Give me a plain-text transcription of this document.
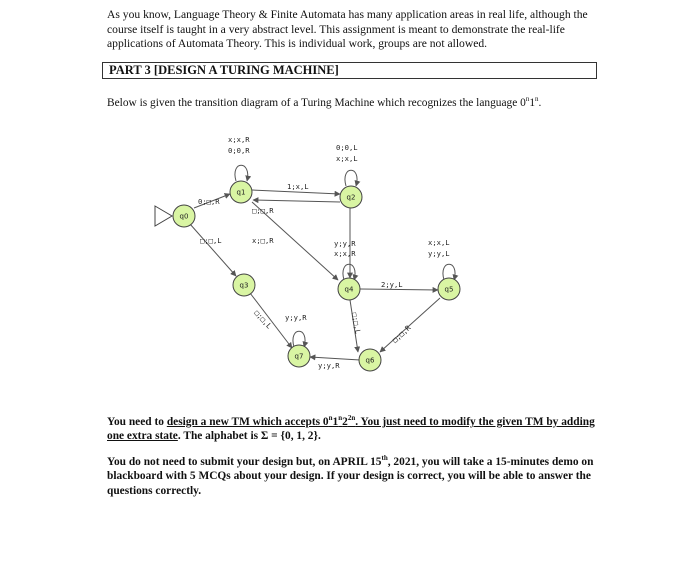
As you know, Language Theory & Finite Automata has many application areas in real life, although the course itself is taught in a very abstract level. This assignment is meant to demonstrate the real-life applications of Automata Theory. This is individual work, groups are not allowed.
PART 3 [DESIGN A TURING MACHINE]
Below is given the transition diagram of a Turing Machine which recognizes the language 0$^n$1$^n$.
q0
q1
q2
q3	q4	q5
q6
q7
0;□,R
x;x,R
0;0,R
1;x,L
□;□,R
0;0,L
x;x,L
x;□,R
□;□,L	y;y,R
x;x,R
2;y,L
x;x,L
y;y,L
□;□,L y;y,R	□;□,L
y;y,R
□;□,R
You need to design a new TM which accepts $0^n1^n2^{2n}$. You just need to modify the given TM by adding one extra state. The alphabet is Σ = {0, 1, 2}.
You do not need to submit your design but, on APRIL 15th, 2021, you will take a 15-minutes demo on blackboard with 5 MCQs about your design. If your design is correct, you will be able to answer the questions correctly.
